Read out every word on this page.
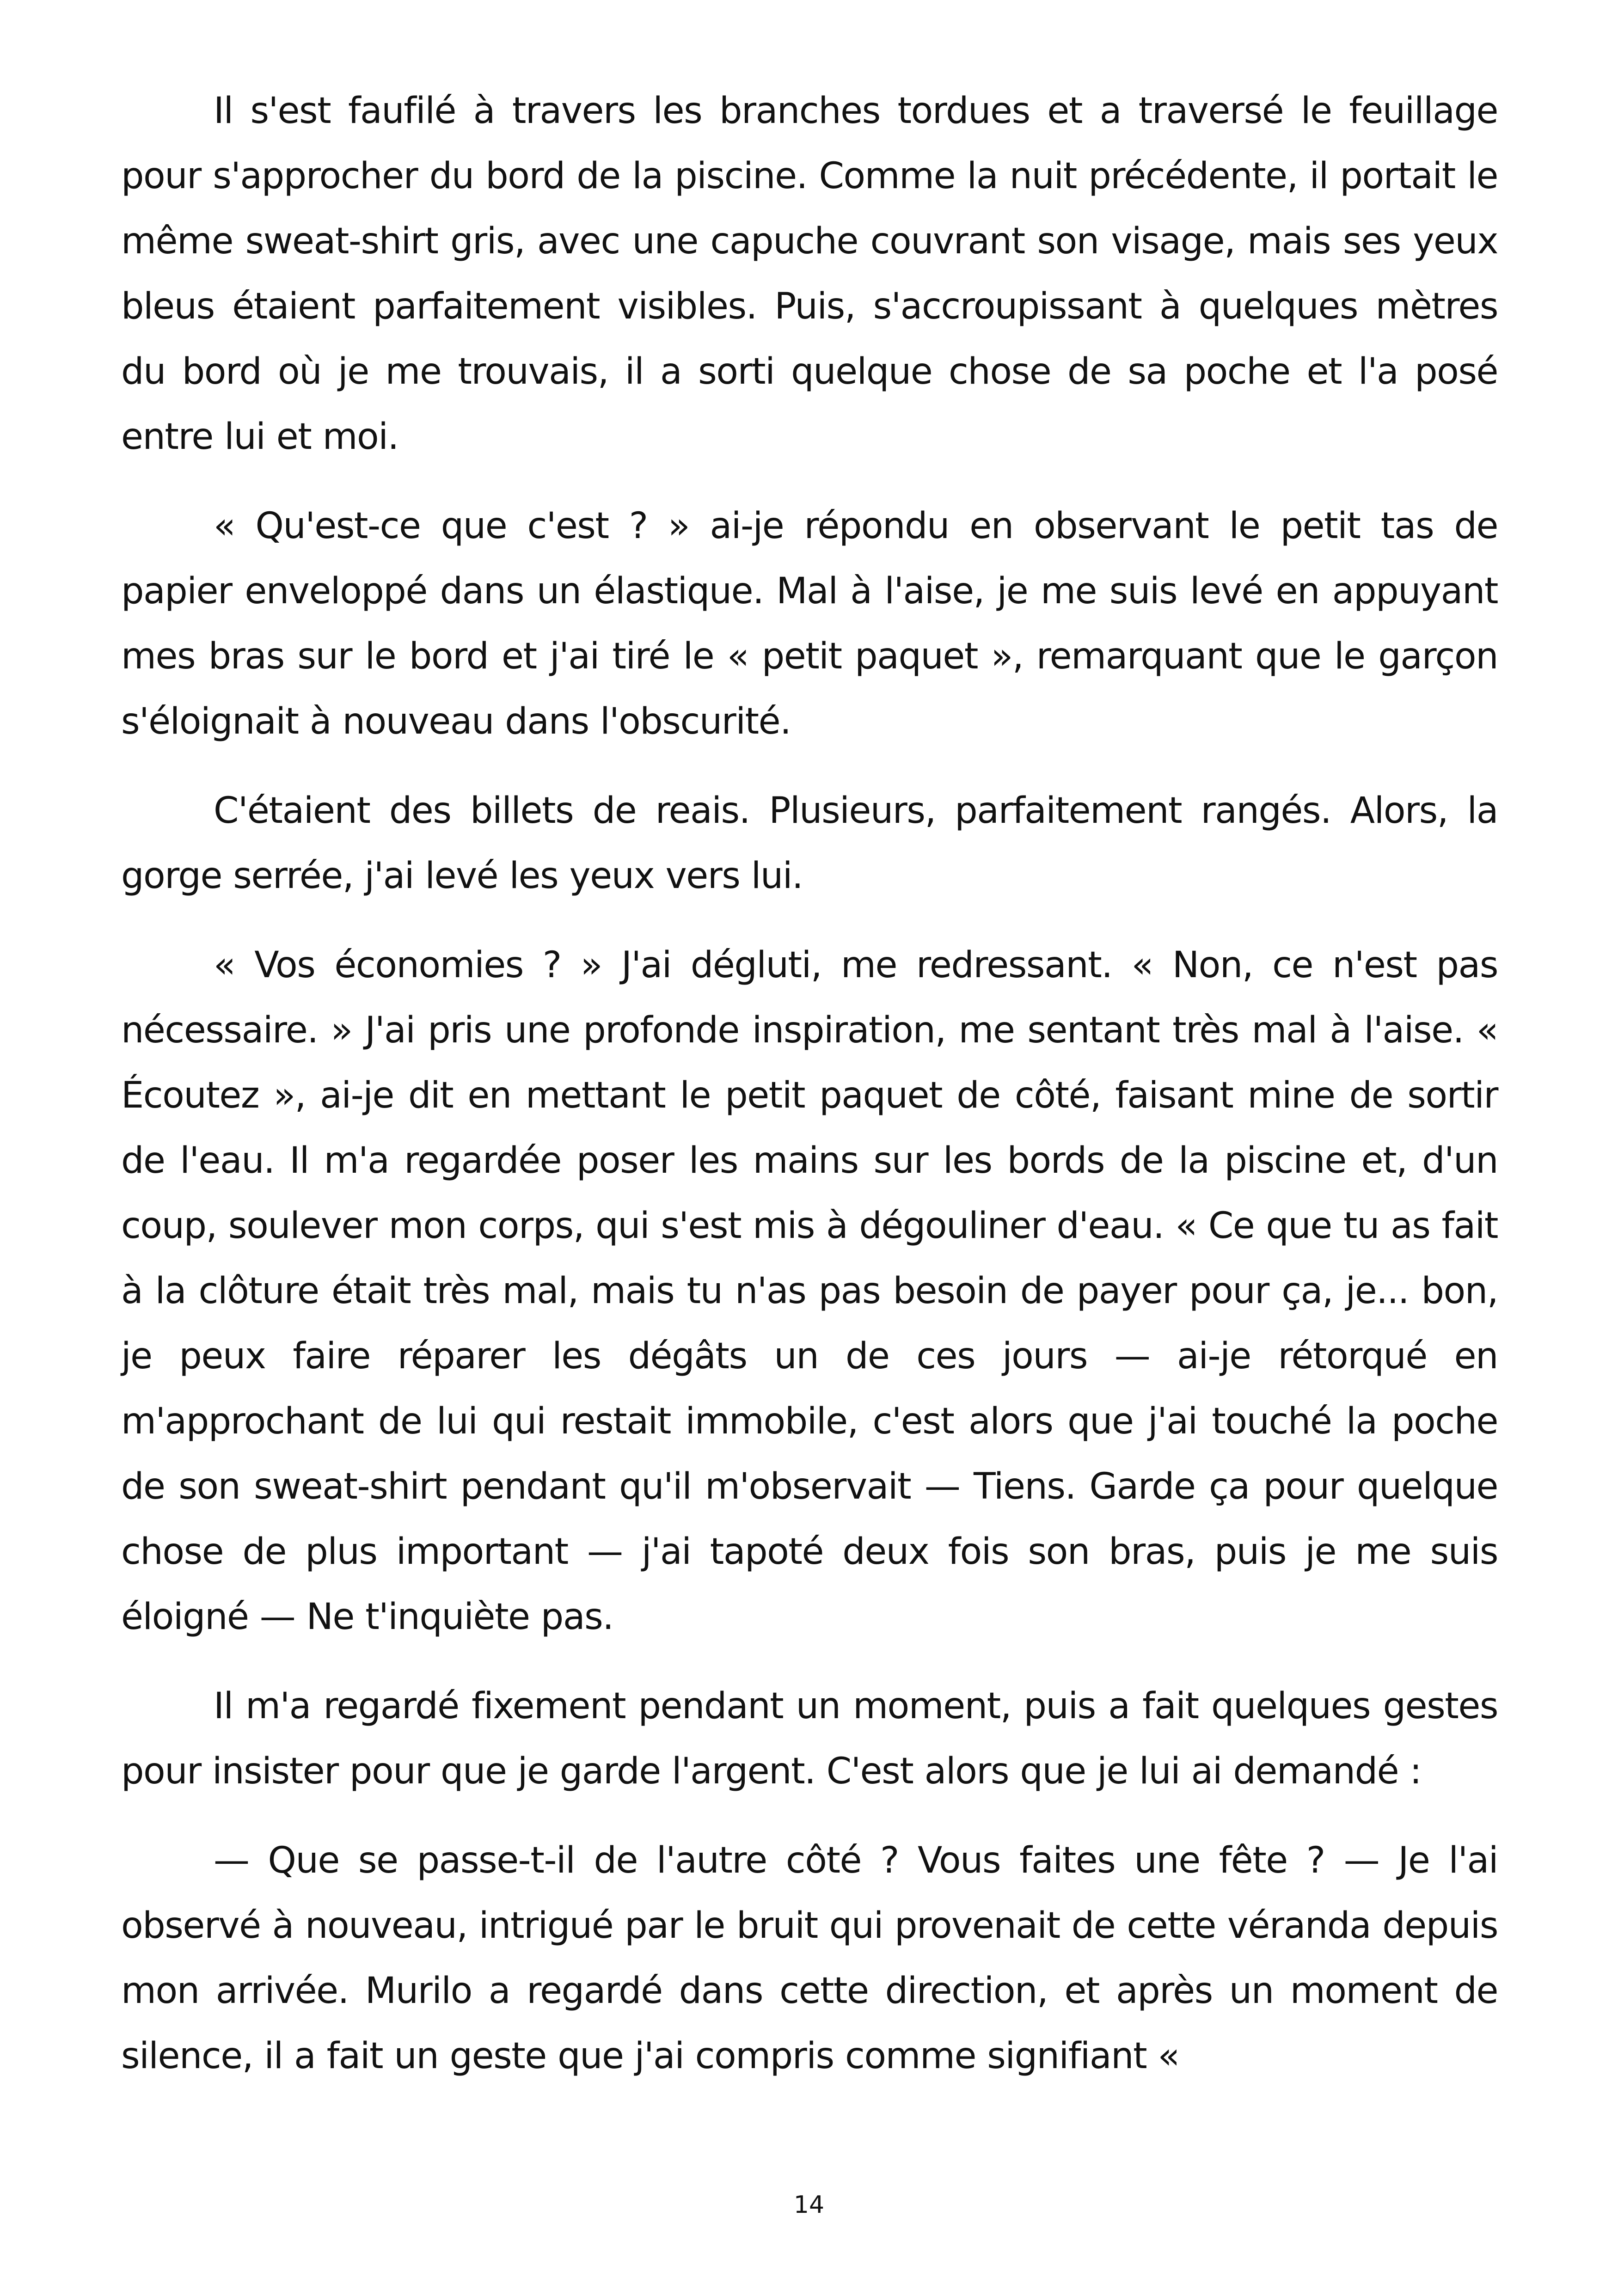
Il s'est faufilé à travers les branches tordues et a traversé le feuillage pour s'approcher du bord de la piscine. Comme la nuit précédente, il portait le même sweat-shirt gris, avec une capuche couvrant son visage, mais ses yeux bleus étaient parfaitement visibles. Puis, s'accroupissant à quelques mètres du bord où je me trouvais, il a sorti quelque chose de sa poche et l'a posé entre lui et moi.

« Qu'est-ce que c'est ? » ai-je répondu en observant le petit tas de papier enveloppé dans un élastique. Mal à l'aise, je me suis levé en appuyant mes bras sur le bord et j'ai tiré le « petit paquet », remarquant que le garçon s'éloignait à nouveau dans l'obscurité.

C'étaient des billets de reais. Plusieurs, parfaitement rangés. Alors, la gorge serrée, j'ai levé les yeux vers lui.

« Vos économies ? » J'ai dégluti, me redressant. « Non, ce n'est pas nécessaire. » J'ai pris une profonde inspiration, me sentant très mal à l'aise. « Écoutez », ai-je dit en mettant le petit paquet de côté, faisant mine de sortir de l'eau. Il m'a regardée poser les mains sur les bords de la piscine et, d'un coup, soulever mon corps, qui s'est mis à dégouliner d'eau. « Ce que tu as fait à la clôture était très mal, mais tu n'as pas besoin de payer pour ça, je... bon, je peux faire réparer les dégâts un de ces jours — ai-je rétorqué en m'approchant de lui qui restait immobile, c'est alors que j'ai touché la poche de son sweat-shirt pendant qu'il m'observait — Tiens. Garde ça pour quelque chose de plus important — j'ai tapoté deux fois son bras, puis je me suis éloigné — Ne t'inquiète pas.

Il m'a regardé fixement pendant un moment, puis a fait quelques gestes pour insister pour que je garde l'argent. C'est alors que je lui ai demandé :

— Que se passe-t-il de l'autre côté ? Vous faites une fête ? — Je l'ai observé à nouveau, intrigué par le bruit qui provenait de cette véranda depuis mon arrivée. Murilo a regardé dans cette direction, et après un moment de silence, il a fait un geste que j'ai compris comme signifiant «

14
